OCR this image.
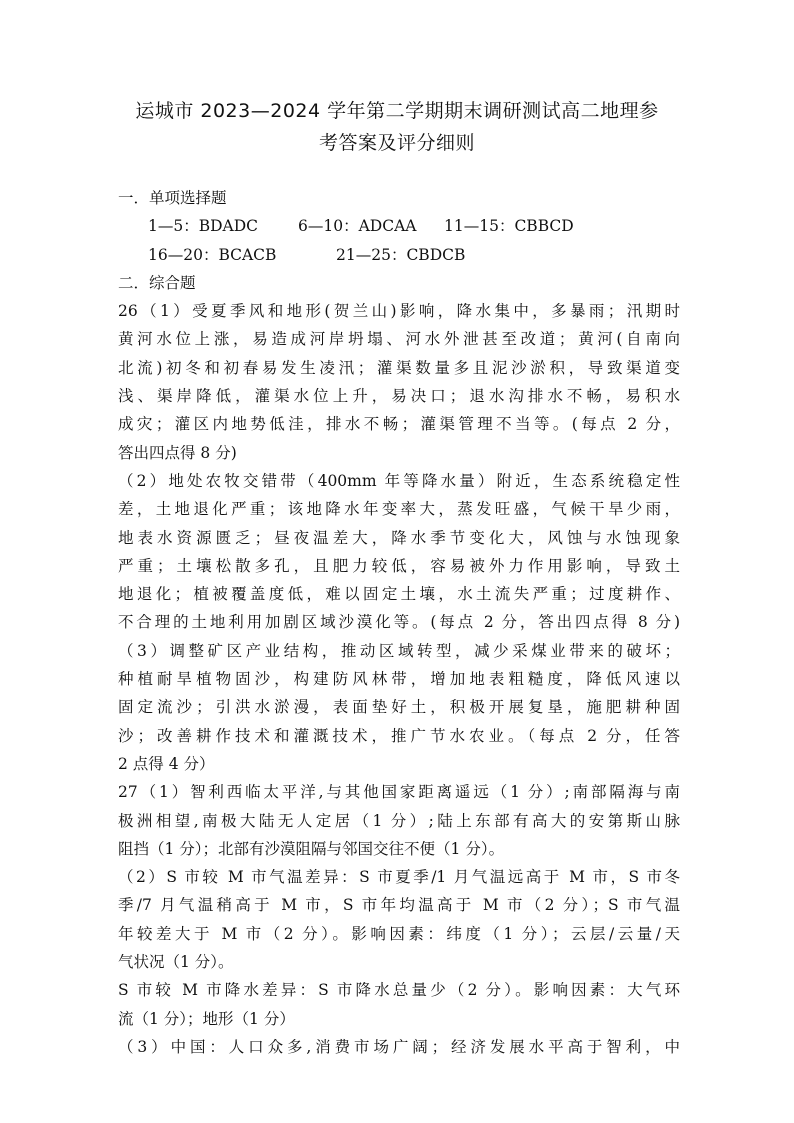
运城市 2023—2024 学年第二学期期末调研测试高二地理参
考答案及评分细则
一．单项选择题
1—5：BDADC	6—10：ADCAA 11—15：CBBCD
16—20：BCACB	21—25：CBDCB
二．综合题
26（1）受夏季风和地形(贺兰山)影响，降水集中，多暴雨；汛期时
黄河水位上涨，易造成河岸坍塌、河水外泄甚至改道；黄河(自南向
北流)初冬和初春易发生凌汛；灌渠数量多且泥沙淤积，导致渠道变
浅、渠岸降低，灌渠水位上升，易决口；退水沟排水不畅，易积水
成灾；灌区内地势低洼，排水不畅；灌渠管理不当等。(每点 2 分，
答出四点得 8 分)
（2）地处农牧交错带（400mm 年等降水量）附近，生态系统稳定性
差，土地退化严重；该地降水年变率大，蒸发旺盛，气候干旱少雨，
地表水资源匮乏；昼夜温差大，降水季节变化大，风蚀与水蚀现象
严重；土壤松散多孔，且肥力较低，容易被外力作用影响，导致土
地退化；植被覆盖度低，难以固定土壤，水土流失严重；过度耕作、
不合理的土地利用加剧区域沙漠化等。(每点 2 分，答出四点得 8 分)
（3）调整矿区产业结构，推动区域转型，减少采煤业带来的破坏；
种植耐旱植物固沙，构建防风林带，增加地表粗糙度，降低风速以
固定流沙；引洪水淤漫，表面垫好土，积极开展复垦，施肥耕种固
沙；改善耕作技术和灌溉技术，推广节水农业。（每点 2 分，任答
2 点得 4 分）
27（1）智利西临太平洋,与其他国家距离遥远（1 分）;南部隔海与南
极洲相望,南极大陆无人定居（1 分）;陆上东部有高大的安第斯山脉
阻挡（1 分）；北部有沙漠阻隔与邻国交往不便（1 分）。
（2）S 市较 M 市气温差异：S 市夏季/1 月气温远高于 M 市，S 市冬
季/7 月气温稍高于 M 市，S 市年均温高于 M 市（2 分）；S 市气温
年较差大于 M 市（2 分）。影响因素：纬度（1 分）；云层/云量/天
气状况（1 分）。
S 市较 M 市降水差异：S 市降水总量少（2 分）。影响因素：大气环
流（1 分）；地形（1 分）
（3）中国：人口众多,消费市场广阔；经济发展水平高于智利，中
